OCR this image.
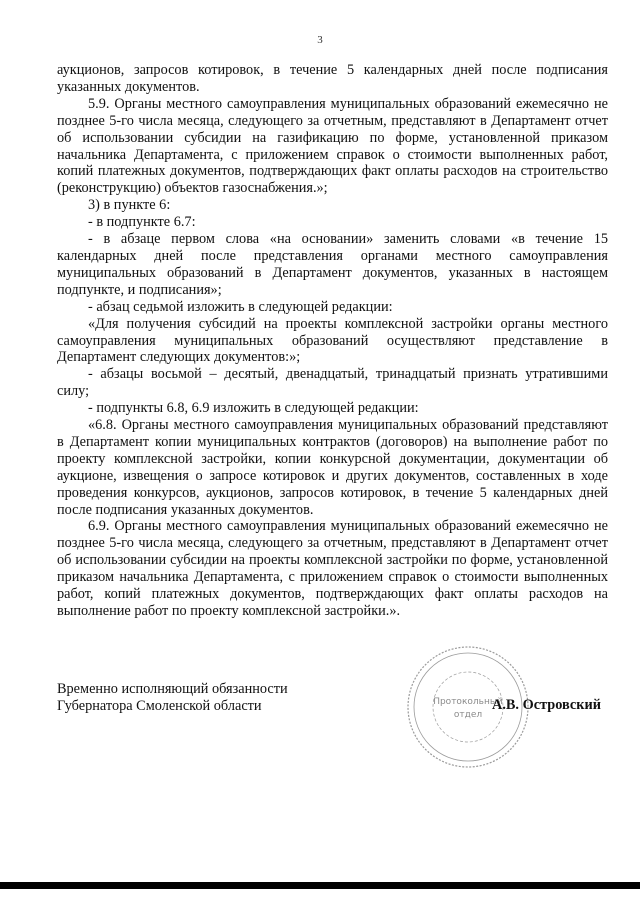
3

аукционов, запросов котировок, в течение 5 календарных дней после подписания указанных документов.

5.9. Органы местного самоуправления муниципальных образований ежемесячно не позднее 5-го числа месяца, следующего за отчетным, представляют в Департамент отчет об использовании субсидии на газификацию по форме, установленной приказом начальника Департамента, с приложением справок о стоимости выполненных работ, копий платежных документов, подтверждающих факт оплаты расходов на строительство (реконструкцию) объектов газоснабжения.»;

3) в пункте 6:

- в подпункте 6.7:

- в абзаце первом слова «на основании» заменить словами «в течение 15 календарных дней после представления органами местного самоуправления муниципальных образований в Департамент документов, указанных в настоящем подпункте, и подписания»;

- абзац седьмой изложить в следующей редакции:

«Для получения субсидий на проекты комплексной застройки органы местного самоуправления муниципальных образований осуществляют представление в Департамент следующих документов:»;

- абзацы восьмой – десятый, двенадцатый, тринадцатый признать утратившими силу;

- подпункты 6.8, 6.9 изложить в следующей редакции:

«6.8. Органы местного самоуправления муниципальных образований представляют в Департамент копии муниципальных контрактов (договоров) на выполнение работ по проекту комплексной застройки, копии конкурсной документации, документации об аукционе, извещения о запросе котировок и других документов, составленных в ходе проведения конкурсов, аукционов, запросов котировок, в течение 5 календарных дней после подписания указанных документов.

6.9. Органы местного самоуправления муниципальных образований ежемесячно не позднее 5-го числа месяца, следующего за отчетным, представляют в Департамент отчет об использовании субсидии на проекты комплексной застройки по форме, установленной приказом начальника Департамента, с приложением справок о стоимости выполненных работ, копий платежных документов, подтверждающих факт оплаты расходов на выполнение работ по проекту комплексной застройки.».

Временно исполняющий обязанности
Губернатора Смоленской области	Протокольный
отдел
А.В. Островский
